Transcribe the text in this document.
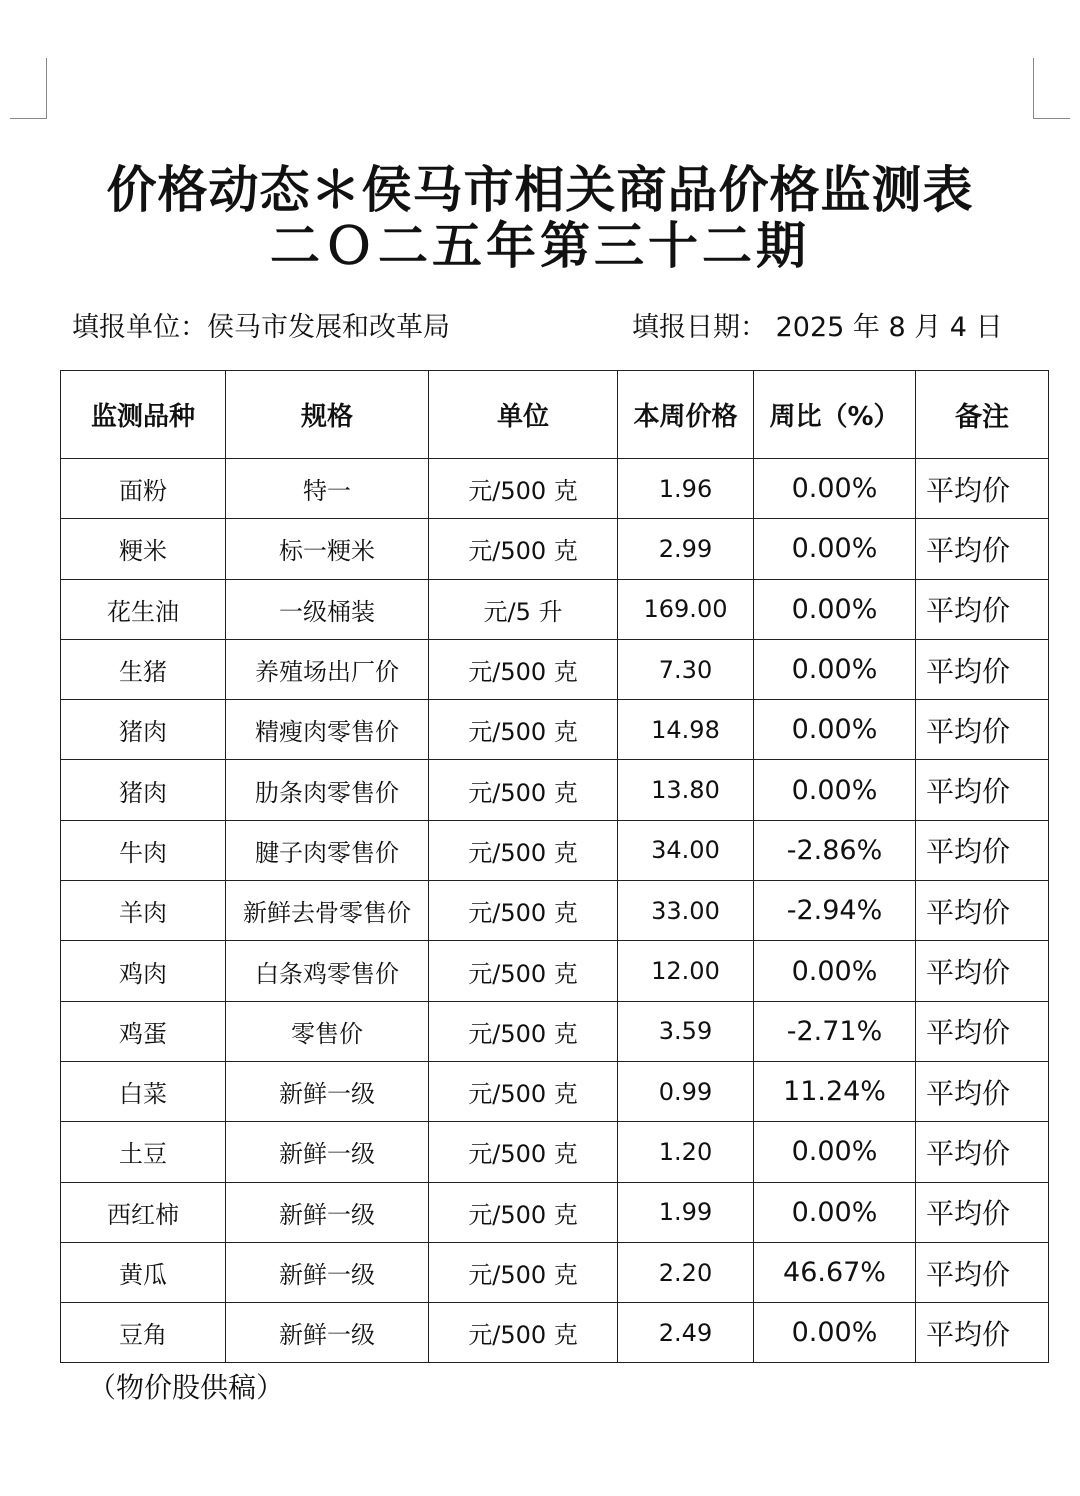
价格动态＊侯马市相关商品价格监测表
二Ｏ二五年第三十二期
填报单位：侯马市发展和改革局	填报日期： 2025 年 8 月 4 日
监测品种	规格	单位	本周价格	周比（%）	备注
面粉	特一	元/500 克	1.96	0.00%	平均价
粳米	标一粳米	元/500 克	2.99	0.00%	平均价
花生油	一级桶装	元/5 升	169.00	0.00%	平均价
生猪	养殖场出厂价	元/500 克	7.30	0.00%	平均价
猪肉	精瘦肉零售价	元/500 克	14.98	0.00%	平均价
猪肉	肋条肉零售价	元/500 克	13.80	0.00%	平均价
牛肉	腱子肉零售价	元/500 克	34.00	-2.86%	平均价
羊肉	新鲜去骨零售价	元/500 克	33.00	-2.94%	平均价
鸡肉	白条鸡零售价	元/500 克	12.00	0.00%	平均价
鸡蛋	零售价	元/500 克	3.59	-2.71%	平均价
白菜	新鲜一级	元/500 克	0.99	11.24%	平均价
土豆	新鲜一级	元/500 克	1.20	0.00%	平均价
西红柿	新鲜一级	元/500 克	1.99	0.00%	平均价
黄瓜	新鲜一级	元/500 克	2.20	46.67%	平均价
豆角	新鲜一级	元/500 克	2.49	0.00%	平均价
（物价股供稿）
